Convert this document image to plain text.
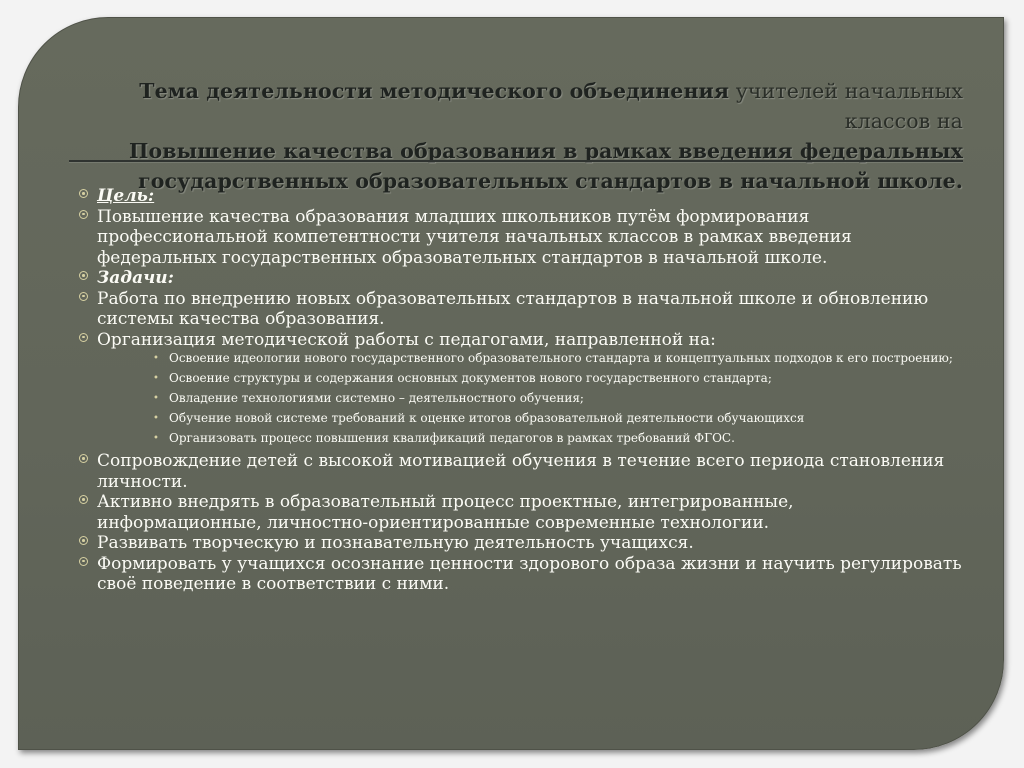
Тема деятельности методического объединения учителей начальных классов на
Повышение качества образования в рамках введения федеральных
государственных образовательных стандартов в начальной школе.
Цель:
Повышение качества образования младших школьников путём формирования профессиональной компетентности учителя начальных классов в рамках введения федеральных государственных образовательных стандартов в начальной школе.
Задачи:
Работа по внедрению новых образовательных стандартов в начальной школе и обновлению системы качества образования.
Организация методической работы с педагогами, направленной на:
• Освоение идеологии нового государственного образовательного стандарта и концептуальных подходов к его построению;
• Освоение структуры и содержания основных документов нового государственного стандарта;
• Овладение технологиями системно – деятельностного обучения;
• Обучение новой системе требований к оценке итогов образовательной деятельности обучающихся
• Организовать процесс повышения квалификаций педагогов в рамках требований ФГОС.
Сопровождение детей с высокой мотивацией обучения в течение всего периода становления личности.
Активно внедрять в образовательный процесс проектные, интегрированные, информационные, личностно-ориентированные современные технологии.
Развивать творческую и познавательную деятельность учащихся.
Формировать у учащихся осознание ценности здорового образа жизни и научить регулировать своё поведение в соответствии с ними.
